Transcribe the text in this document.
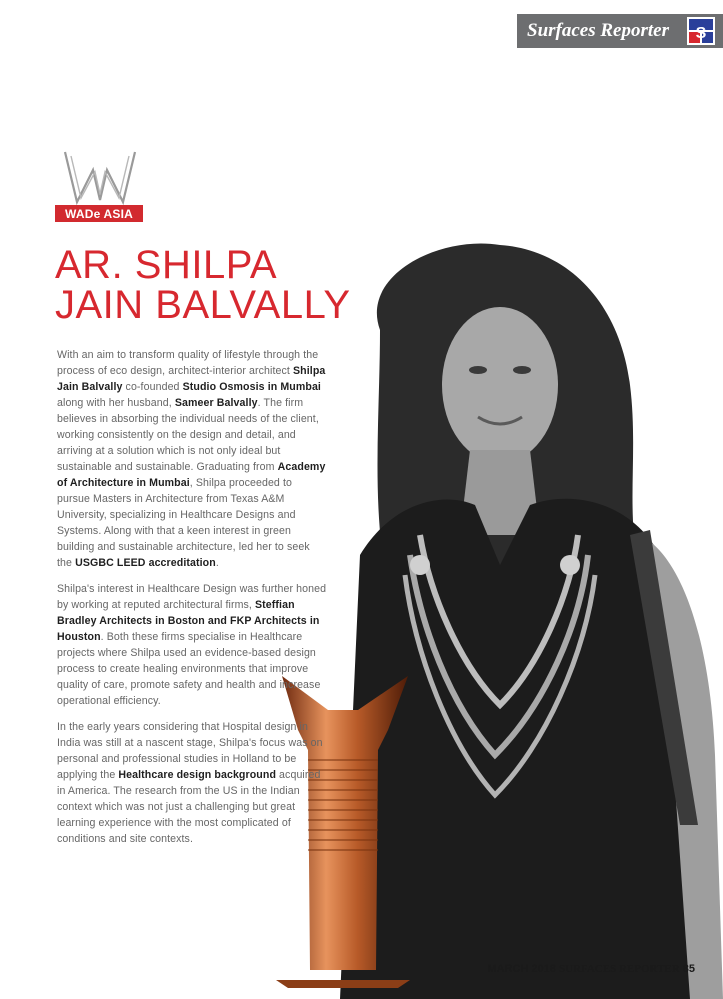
Surfaces Reporter S
WADe ASIA
AR. SHILPA
JAIN BALVALLY

With an aim to transform quality of lifestyle through the process of eco design, architect-interior architect Shilpa Jain Balvally co-founded Studio Osmosis in Mumbai along with her husband, Sameer Balvally. The firm believes in absorbing the individual needs of the client, working consistently on the design and detail, and arriving at a solution which is not only ideal but sustainable and sustainable. Graduating from Academy of Architecture in Mumbai, Shilpa proceeded to pursue Masters in Architecture from Texas A&M University, specializing in Healthcare Designs and Systems. Along with that a keen interest in green building and sustainable architecture, led her to seek the USGBC LEED accreditation.

Shilpa's interest in Healthcare Design was further honed by working at reputed architectural firms, Steffian Bradley Architects in Boston and FKP Architects in Houston. Both these firms specialise in Healthcare projects where Shilpa used an evidence-based design process to create healing environments that improve quality of care, promote safety and health and increase operational efficiency.

In the early years considering that Hospital design in India was still at a nascent stage, Shilpa's focus was on personal and professional studies in Holland to be applying the Healthcare design background acquired in America. The research from the US in the Indian context which was not just a challenging but great learning experience with the most complicated of conditions and site contexts.

MARCH 2018 SURFACES REPORTER 85
